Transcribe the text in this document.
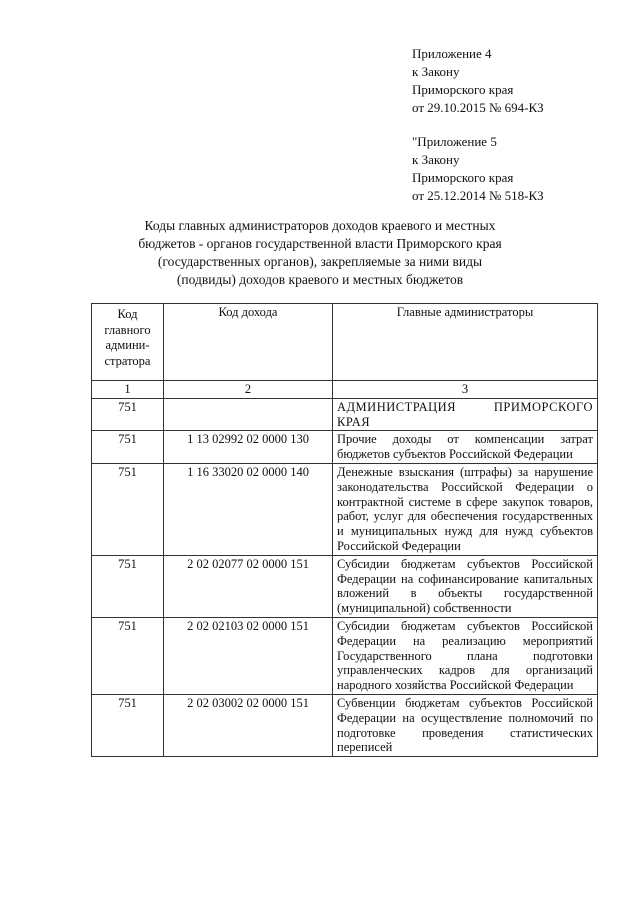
Приложение 4
к Закону
Приморского края
от 29.10.2015 № 694-КЗ
"Приложение 5
к Закону
Приморского края
от 25.12.2014 № 518-КЗ
Коды главных администраторов доходов краевого и местных
бюджетов - органов государственной власти Приморского края
(государственных органов), закрепляемые за ними виды
(подвиды) доходов краевого и местных бюджетов
Код главного админи-стратора	Код дохода	Главные администраторы
1	2	3
751		АДМИНИСТРАЦИЯ ПРИМОРСКОГО КРАЯ
751	1 13 02992 02 0000 130	Прочие доходы от компенсации затрат бюджетов субъектов Российской Федерации
751	1 16 33020 02 0000 140	Денежные взыскания (штрафы) за нарушение законодательства Российской Федерации о контрактной системе в сфере закупок товаров, работ, услуг для обеспечения государственных и муниципальных нужд для нужд субъектов Российской Федерации
751	2 02 02077 02 0000 151	Субсидии бюджетам субъектов Российской Федерации на софинансирование капитальных вложений в объекты государственной (муниципальной) собственности
751	2 02 02103 02 0000 151	Субсидии бюджетам субъектов Российской Федерации на реализацию мероприятий Государственного плана подготовки управленческих кадров для организаций народного хозяйства Российской Федерации
751	2 02 03002 02 0000 151	Субвенции бюджетам субъектов Российской Федерации на осуществление полномочий по подготовке проведения статистических переписей
